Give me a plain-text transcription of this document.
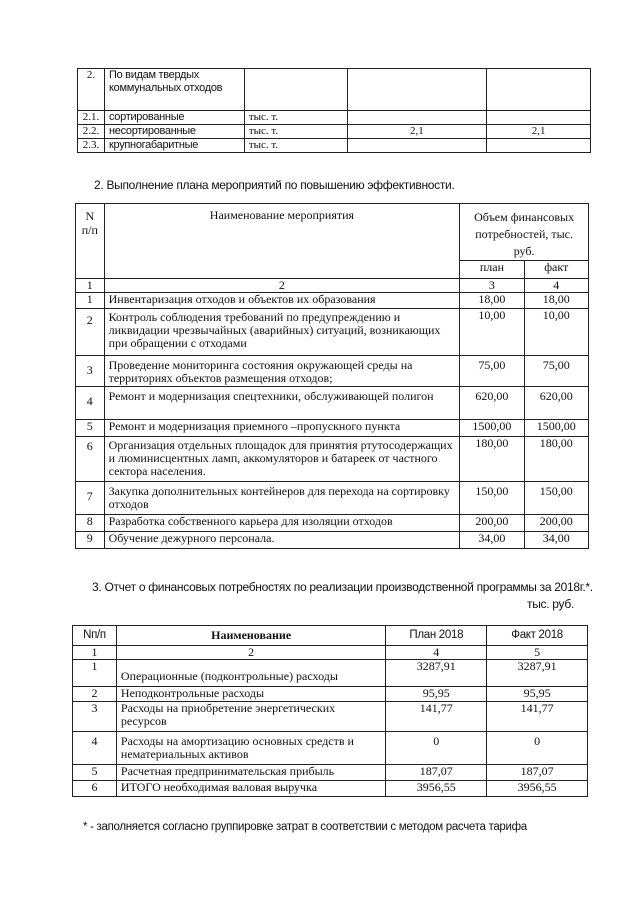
2.	По видам твердых коммунальных отходов			
2.1.	сортированные	тыс. т.		
2.2.	несортированные	тыс. т.	2,1	2,1
2.3.	крупногабаритные	тыс. т.		
2. Выполнение плана мероприятий по повышению эффективности.
N п/п	Наименование мероприятия	Объем финансовых потребностей, тыс. руб.	
		план	факт
1	2	3	4
1	Инвентаризация отходов и объектов их образования	18,00	18,00
2	Контроль соблюдения требований по предупреждению и ликвидации чрезвычайных (аварийных) ситуаций, возникающих при обращении с отходами	10,00	10,00
3	Проведение мониторинга состояния окружающей среды на территориях объектов размещения отходов;	75,00	75,00
4	Ремонт и модернизация спецтехники, обслуживающей полигон	620,00	620,00
5	Ремонт и модернизация приемного –пропускного пункта	1500,00	1500,00
6	Организация отдельных площадок для принятия ртутосодержащих и люминисцентных ламп, аккомуляторов и батареек от частного сектора населения.	180,00	180,00
7	Закупка дополнительных контейнеров для перехода на сортировку отходов	150,00	150,00
8	Разработка собственного карьера для изоляции отходов	200,00	200,00
9	Обучение дежурного персонала.	34,00	34,00
3. Отчет о финансовых потребностях по реализации производственной программы за 2018г.*.
тыс. руб.
Nп/п	Наименование	План 2018	Факт 2018
1	2	4	5
1	Операционные (подконтрольные) расходы	3287,91	3287,91
2	Неподконтрольные расходы	95,95	95,95
3	Расходы на приобретение энергетических ресурсов	141,77	141,77
4	Расходы на амортизацию основных средств и нематериальных активов	0	0
5	Расчетная предпринимательская прибыль	187,07	187,07
6	ИТОГО необходимая валовая выручка	3956,55	3956,55
* - заполняется согласно группировке затрат в соответствии с методом расчета тарифа
